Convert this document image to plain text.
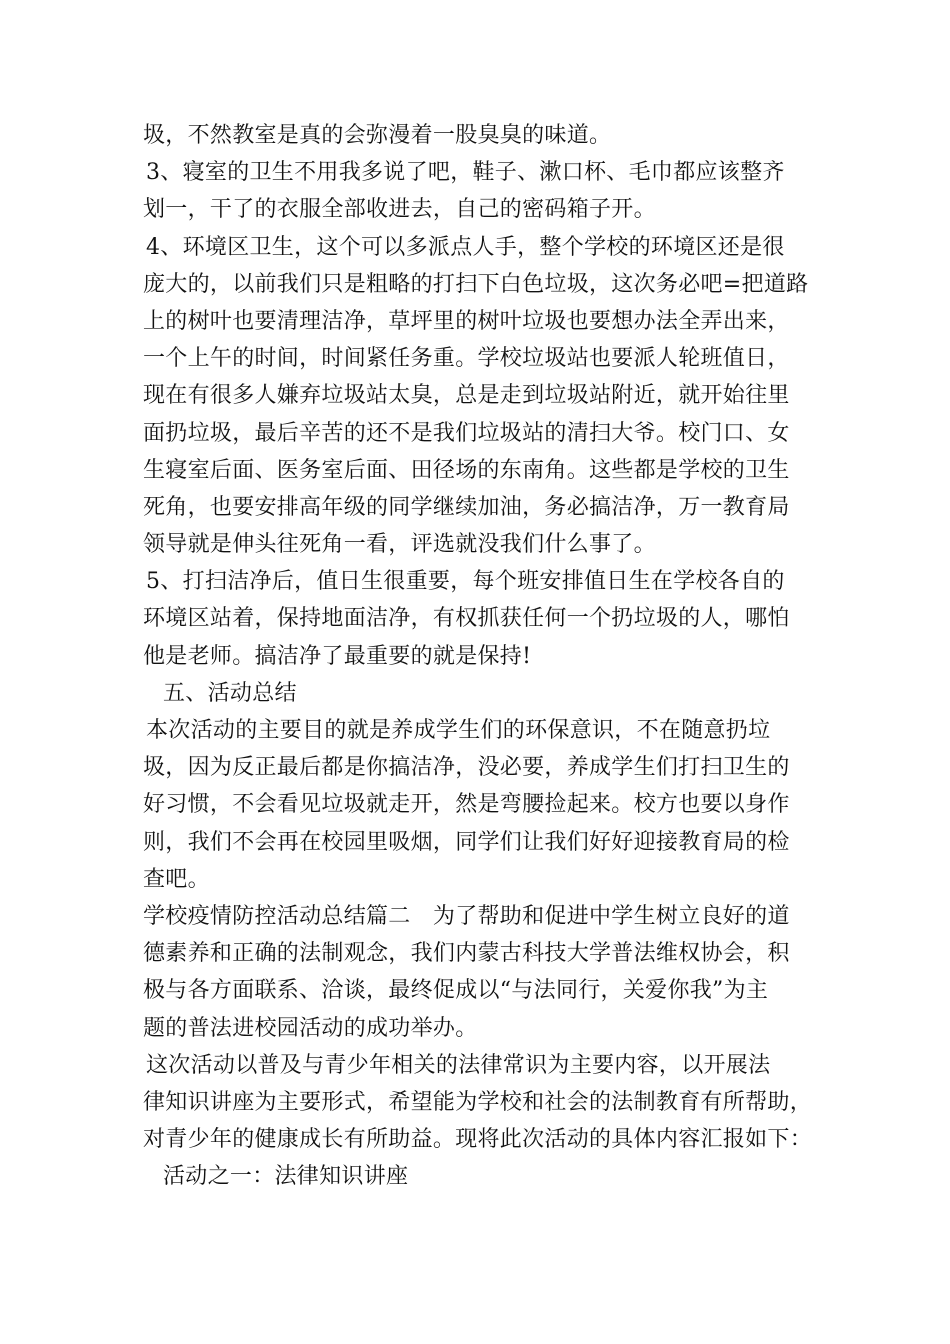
圾，不然教室是真的会弥漫着一股臭臭的味道。
3、寝室的卫生不用我多说了吧，鞋子、漱口杯、毛巾都应该整齐
划一，干了的衣服全部收进去，自己的密码箱子开。
4、环境区卫生，这个可以多派点人手，整个学校的环境区还是很
庞大的，以前我们只是粗略的打扫下白色垃圾，这次务必吧=把道路
上的树叶也要清理洁净，草坪里的树叶垃圾也要想办法全弄出来，
一个上午的时间，时间紧任务重。学校垃圾站也要派人轮班值日，
现在有很多人嫌弃垃圾站太臭，总是走到垃圾站附近，就开始往里
面扔垃圾，最后辛苦的还不是我们垃圾站的清扫大爷。校门口、女
生寝室后面、医务室后面、田径场的东南角。这些都是学校的卫生
死角，也要安排高年级的同学继续加油，务必搞洁净，万一教育局
领导就是伸头往死角一看，评选就没我们什么事了。
5、打扫洁净后，值日生很重要，每个班安排值日生在学校各自的
环境区站着，保持地面洁净，有权抓获任何一个扔垃圾的人，哪怕
他是老师。搞洁净了最重要的就是保持!
五、活动总结
本次活动的主要目的就是养成学生们的环保意识，不在随意扔垃
圾，因为反正最后都是你搞洁净，没必要，养成学生们打扫卫生的
好习惯，不会看见垃圾就走开，然是弯腰捡起来。校方也要以身作
则，我们不会再在校园里吸烟，同学们让我们好好迎接教育局的检
查吧。
学校疫情防控活动总结篇二　为了帮助和促进中学生树立良好的道
德素养和正确的法制观念，我们内蒙古科技大学普法维权协会，积
极与各方面联系、洽谈，最终促成以“与法同行，关爱你我”为主
题的普法进校园活动的成功举办。
这次活动以普及与青少年相关的法律常识为主要内容，以开展法
律知识讲座为主要形式，希望能为学校和社会的法制教育有所帮助，
对青少年的健康成长有所助益。现将此次活动的具体内容汇报如下：
活动之一：法律知识讲座
